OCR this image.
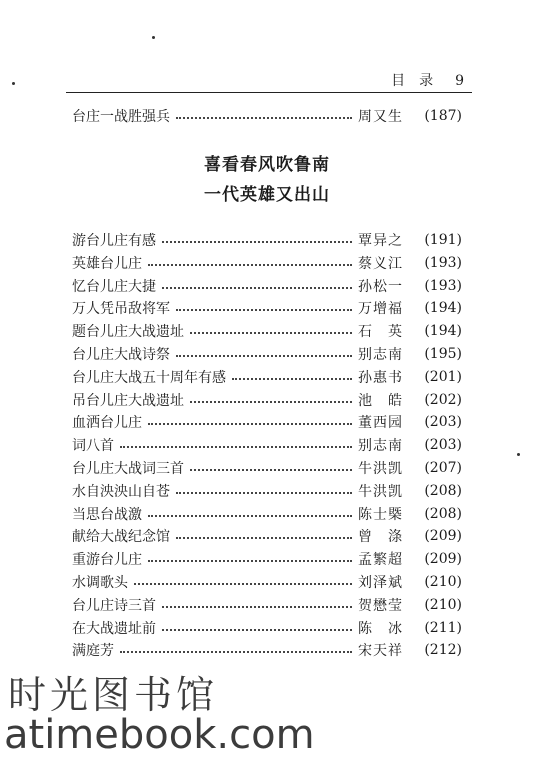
目　录 9
台庄一战胜强兵	周又生	(187)
喜看春风吹鲁南
一代英雄又出山
游台儿庄有感	覃异之	(191)
英雄台儿庄	蔡义江	(193)
忆台儿庄大捷	孙松一	(193)
万人凭吊敌将军	万增福	(194)
题台儿庄大战遗址	石　英	(194)
台儿庄大战诗祭	别志南	(195)
台儿庄大战五十周年有感	孙惠书	(201)
吊台儿庄大战遗址	池　皓	(202)
血洒台儿庄	董西园	(203)
词八首	别志南	(203)
台儿庄大战词三首	牛洪凯	(207)
水自泱泱山自苍	牛洪凯	(208)
当思台战激	陈士槩	(208)
献给大战纪念馆	曾　涤	(209)
重游台儿庄	孟繁超	(209)
水调歌头	刘泽斌	(210)
台儿庄诗三首	贺懋莹	(210)
在大战遗址前	陈　冰	(211)
满庭芳	宋天祥	(212)
时光图书馆
atimebook.com
